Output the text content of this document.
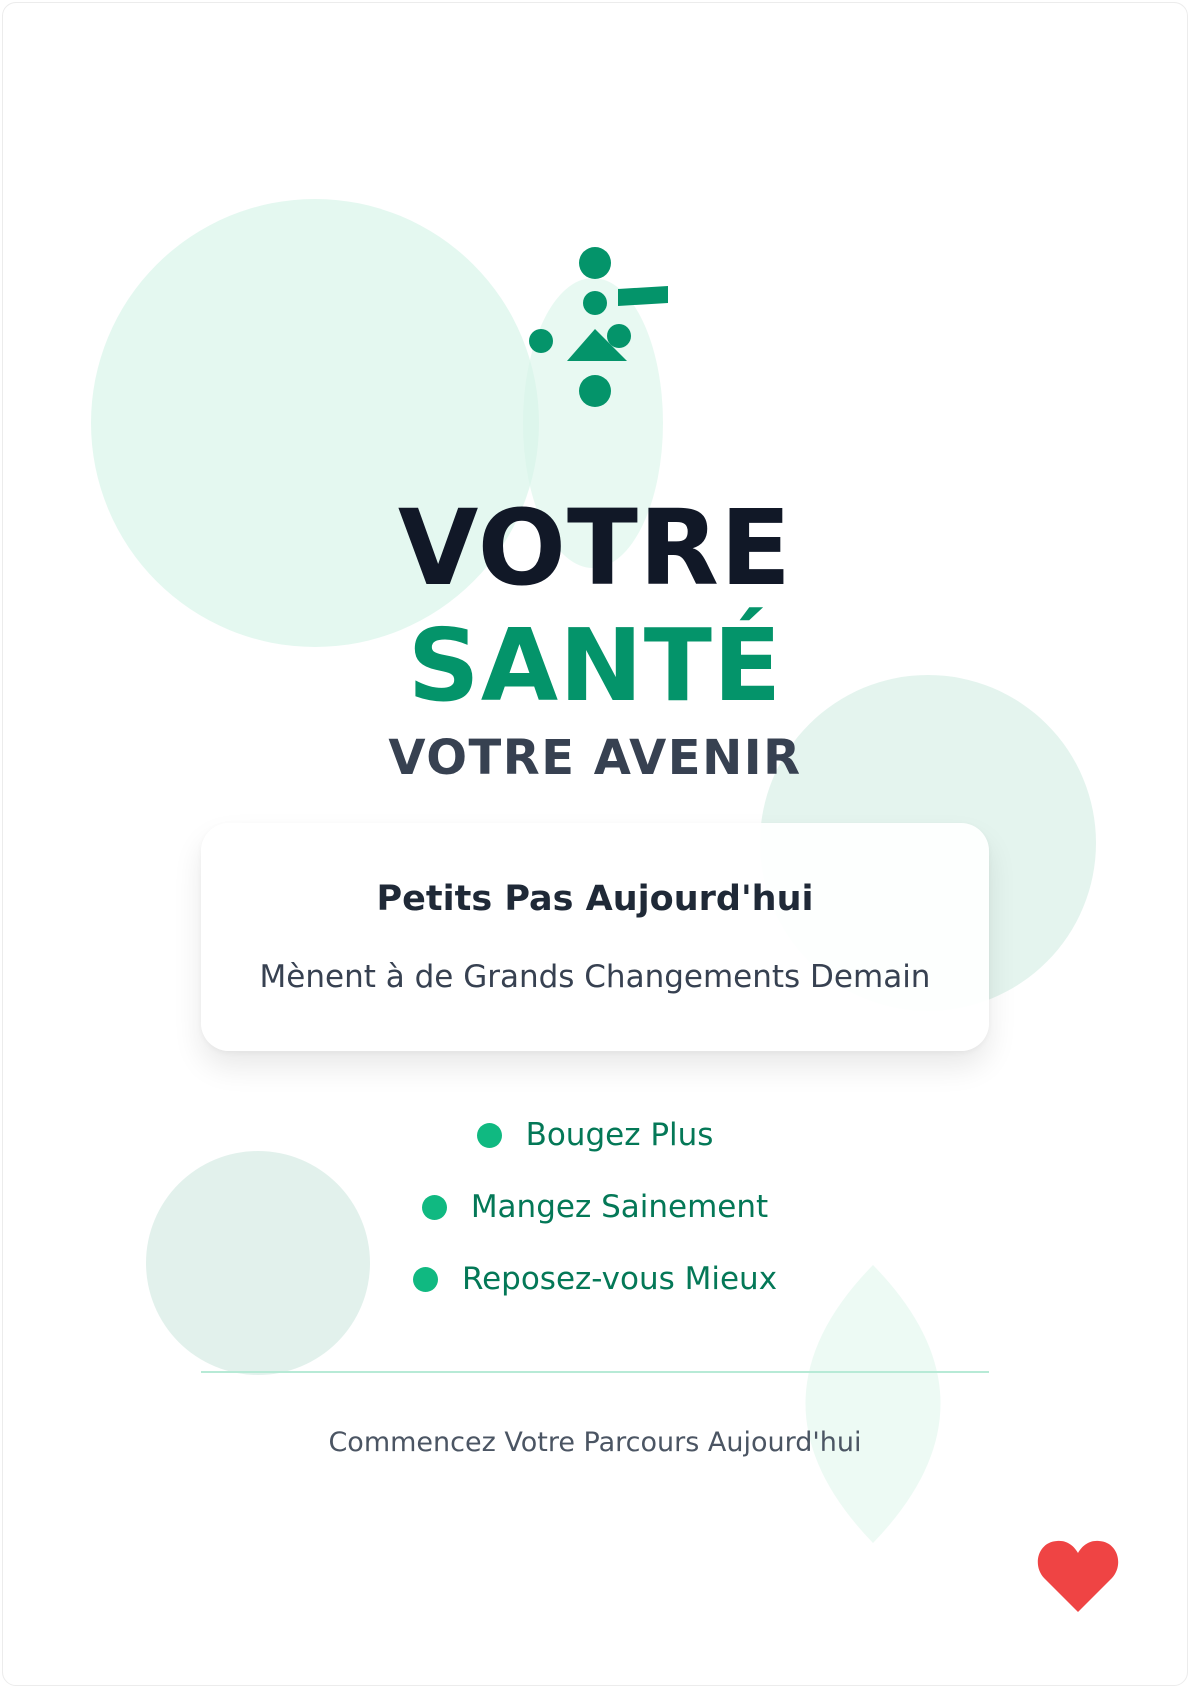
VOTRE
SANTÉ
VOTRE AVENIR
Petits Pas Aujourd'hui
Mènent à de Grands Changements Demain
Bougez Plus
Mangez Sainement
Reposez-vous Mieux
Commencez Votre Parcours Aujourd'hui
